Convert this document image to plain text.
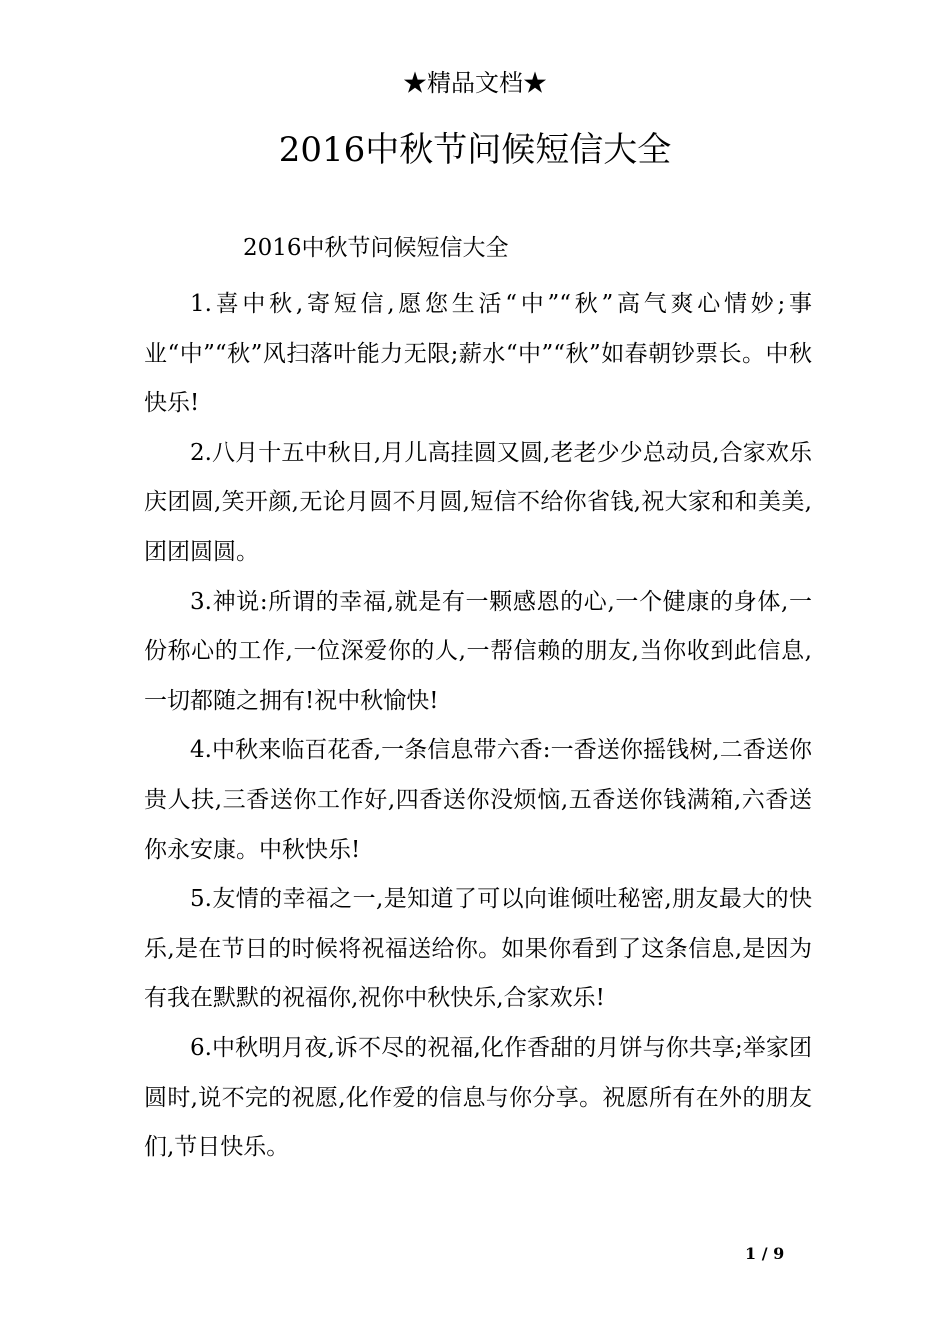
★精品文档★
2016中秋节问候短信大全
2016中秋节问候短信大全

1.喜中秋,寄短信,愿您生活“中”“秋”高气爽心情妙;事业“中”“秋”风扫落叶能力无限;薪水“中”“秋”如春朝钞票长。中秋快乐!

2.八月十五中秋日,月儿高挂圆又圆,老老少少总动员,合家欢乐庆团圆,笑开颜,无论月圆不月圆,短信不给你省钱,祝大家和和美美,团团圆圆。

3.神说:所谓的幸福,就是有一颗感恩的心,一个健康的身体,一份称心的工作,一位深爱你的人,一帮信赖的朋友,当你收到此信息,一切都随之拥有!祝中秋愉快!

4.中秋来临百花香,一条信息带六香:一香送你摇钱树,二香送你贵人扶,三香送你工作好,四香送你没烦恼,五香送你钱满箱,六香送你永安康。中秋快乐!

5.友情的幸福之一,是知道了可以向谁倾吐秘密,朋友最大的快乐,是在节日的时候将祝福送给你。如果你看到了这条信息,是因为有我在默默的祝福你,祝你中秋快乐,合家欢乐!

6.中秋明月夜,诉不尽的祝福,化作香甜的月饼与你共享;举家团圆时,说不完的祝愿,化作爱的信息与你分享。祝愿所有在外的朋友们,节日快乐。

1 / 9
